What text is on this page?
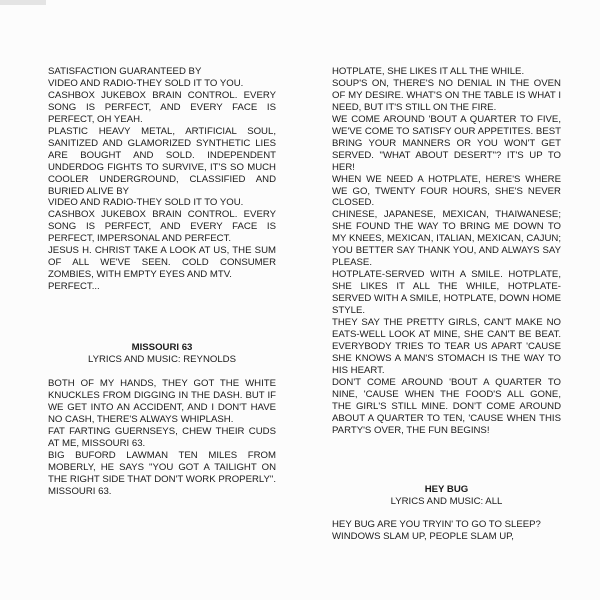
SATISFACTION GUARANTEED BY

VIDEO AND RADIO-THEY SOLD IT TO YOU.

CASHBOX JUKEBOX BRAIN CONTROL. EVERY SONG IS PERFECT, AND EVERY FACE IS PERFECT, OH YEAH.

PLASTIC HEAVY METAL, ARTIFICIAL SOUL, SANITIZED AND GLAMORIZED SYNTHETIC LIES ARE BOUGHT AND SOLD. INDEPENDENT UNDERDOG FIGHTS TO SURVIVE, IT'S SO MUCH COOLER UNDERGROUND, CLASSIFIED AND BURIED ALIVE BY

VIDEO AND RADIO-THEY SOLD IT TO YOU.

CASHBOX JUKEBOX BRAIN CONTROL. EVERY SONG IS PERFECT, AND EVERY FACE IS PERFECT, IMPERSONAL AND PERFECT.

JESUS H. CHRIST TAKE A LOOK AT US, THE SUM OF ALL WE'VE SEEN. COLD CONSUMER ZOMBIES, WITH EMPTY EYES AND MTV.

PERFECT...

MISSOURI 63
LYRICS AND MUSIC: REYNOLDS

BOTH OF MY HANDS, THEY GOT THE WHITE KNUCKLES FROM DIGGING IN THE DASH. BUT IF WE GET INTO AN ACCIDENT, AND I DON'T HAVE NO CASH, THERE'S ALWAYS WHIPLASH.

FAT FARTING GUERNSEYS, CHEW THEIR CUDS AT ME, MISSOURI 63.

BIG BUFORD LAWMAN TEN MILES FROM MOBERLY, HE SAYS "YOU GOT A TAILIGHT ON THE RIGHT SIDE THAT DON'T WORK PROPERLY". MISSOURI 63.

HOTPLATE, SHE LIKES IT ALL THE WHILE.

SOUP'S ON, THERE'S NO DENIAL IN THE OVEN OF MY DESIRE. WHAT'S ON THE TABLE IS WHAT I NEED, BUT IT'S STILL ON THE FIRE.

WE COME AROUND 'BOUT A QUARTER TO FIVE, WE'VE COME TO SATISFY OUR APPETITES. BEST BRING YOUR MANNERS OR YOU WON'T GET SERVED. "WHAT ABOUT DESERT"? IT'S UP TO HER!

WHEN WE NEED A HOTPLATE, HERE'S WHERE WE GO, TWENTY FOUR HOURS, SHE'S NEVER CLOSED.

CHINESE, JAPANESE, MEXICAN, THAIWANESE; SHE FOUND THE WAY TO BRING ME DOWN TO MY KNEES, MEXICAN, ITALIAN, MEXICAN, CAJUN; YOU BETTER SAY THANK YOU, AND ALWAYS SAY PLEASE.

HOTPLATE-SERVED WITH A SMILE. HOTPLATE, SHE LIKES IT ALL THE WHILE, HOTPLATE- SERVED WITH A SMILE, HOTPLATE, DOWN HOME STYLE.

THEY SAY THE PRETTY GIRLS, CAN'T MAKE NO EATS-WELL LOOK AT MINE, SHE CAN'T BE BEAT. EVERYBODY TRIES TO TEAR US APART 'CAUSE SHE KNOWS A MAN'S STOMACH IS THE WAY TO HIS HEART.

DON'T COME AROUND 'BOUT A QUARTER TO NINE, 'CAUSE WHEN THE FOOD'S ALL GONE, THE GIRL'S STILL MINE. DON'T COME AROUND ABOUT A QUARTER TO TEN, 'CAUSE WHEN THIS PARTY'S OVER, THE FUN BEGINS!

HEY BUG
LYRICS AND MUSIC: ALL

HEY BUG ARE YOU TRYIN' TO GO TO SLEEP?

WINDOWS SLAM UP, PEOPLE SLAM UP,
